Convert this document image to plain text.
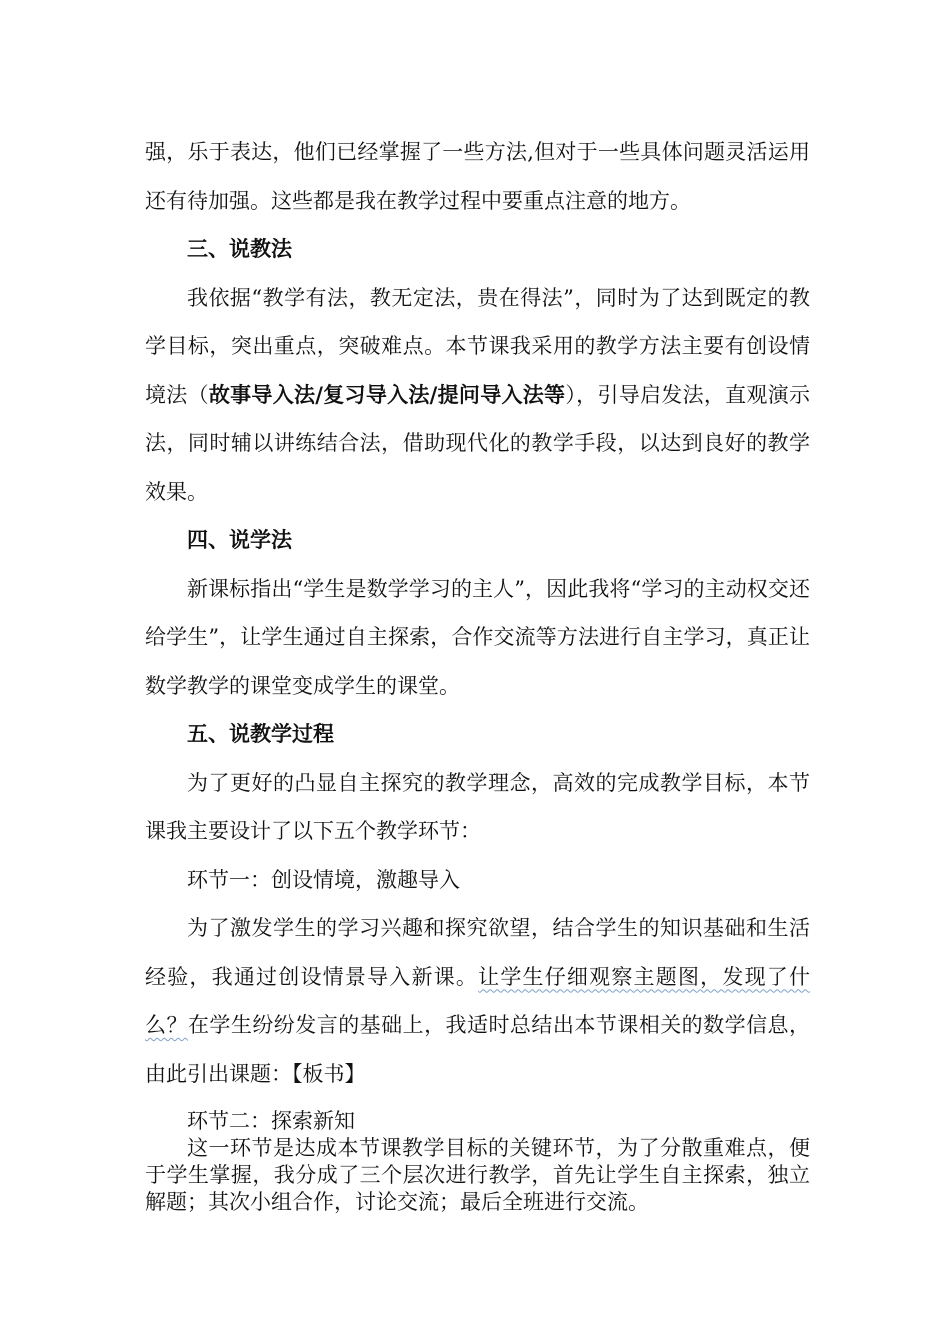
强，乐于表达，他们已经掌握了一些方法,但对于一些具体问题灵活运用还有待加强。这些都是我在教学过程中要重点注意的地方。

三、说教法

我依据“教学有法，教无定法，贵在得法”，同时为了达到既定的教学目标，突出重点，突破难点。本节课我采用的教学方法主要有创设情境法（故事导入法/复习导入法/提问导入法等），引导启发法，直观演示法，同时辅以讲练结合法，借助现代化的教学手段，以达到良好的教学效果。

四、说学法

新课标指出“学生是数学学习的主人”，因此我将“学习的主动权交还给学生”，让学生通过自主探索，合作交流等方法进行自主学习，真正让数学教学的课堂变成学生的课堂。

五、说教学过程

为了更好的凸显自主探究的教学理念，高效的完成教学目标，本节课我主要设计了以下五个教学环节：

环节一：创设情境，激趣导入

为了激发学生的学习兴趣和探究欲望，结合学生的知识基础和生活经验，我通过创设情景导入新课。让学生仔细观察主题图，发现了什么？在学生纷纷发言的基础上，我适时总结出本节课相关的数学信息，由此引出课题：【板书】

环节二：探索新知

这一环节是达成本节课教学目标的关键环节，为了分散重难点，便于学生掌握，我分成了三个层次进行教学，首先让学生自主探索，独立解题；其次小组合作，讨论交流；最后全班进行交流。
